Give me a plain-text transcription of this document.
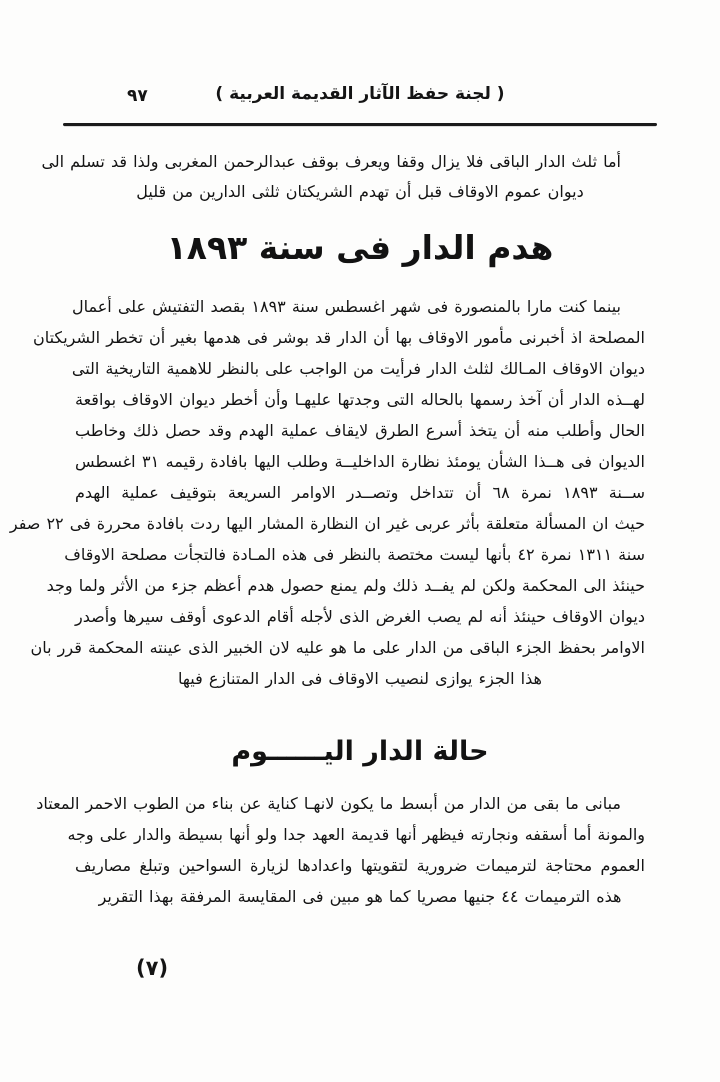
( لجنة حفظ الآثار القديمة العربية )
٩٧
أما ثلث الدار الباقى فلا يزال وقفا ويعرف بوقف عبدالرحمن المغربى ولذا قد تسلم الى
ديوان عموم الاوقاف قبل أن تهدم الشريكتان ثلثى الدارين من قليل
هدم الدار فى سنة ١٨٩٣
بينما كنت مارا بالمنصورة فى شهر اغسطس سنة ١٨٩٣ بقصد التفتيش على أعمال
المصلحة اذ أخبرنى مأمور الاوقاف بها أن الدار قد بوشر فى هدمها بغير أن تخطر الشريكتان
ديوان الاوقاف المـالك لثلث الدار فرأيت من الواجب على بالنظر للاهمية التاريخية التى
لهــذه الدار أن آخذ رسمها بالحاله التى وجدتها عليهـا وأن أخطر ديوان الاوقاف بواقعة
الحال وأطلب منه أن يتخذ أسرع الطرق لايقاف عملية الهدم وقد حصل ذلك وخاطب
الديوان فى هــذا الشأن يومئذ نظارة الداخليــة وطلب اليها بافادة رقيمه ٣١ اغسطس
ســنة ١٨٩٣ نمرة ٦٨ أن تتداخل وتصــدر الاوامر السريعة بتوقيف عملية الهدم
حيث ان المسألة متعلقة بأثر عربى غير ان النظارة المشار اليها ردت بافادة محررة فى ٢٢ صفر
سنة ١٣١١ نمرة ٤٢ بأنها ليست مختصة بالنظر فى هذه المـادة فالتجأت مصلحة الاوقاف
حينئذ الى المحكمة ولكن لم يفــد ذلك ولم يمنع حصول هدم أعظم جزء من الأثر ولما وجد
ديوان الاوقاف حينئذ أنه لم يصب الغرض الذى لأجله أقام الدعوى أوقف سيرها وأصدر
الاوامر بحفظ الجزء الباقى من الدار على ما هو عليه لان الخبير الذى عينته المحكمة قرر بان
هذا الجزء يوازى لنصيب الاوقاف فى الدار المتنازع فيها
حالة الدار اليــــــوم
مبانى ما بقى من الدار من أبسط ما يكون لانهـا كناية عن بناء من الطوب الاحمر المعتاد
والمونة أما أسقفه ونجارته فيظهر أنها قديمة العهد جدا ولو أنها بسيطة والدار على وجه
العموم محتاجة لترميمات ضرورية لتقويتها واعدادها لزيارة السواحين وتبلغ مصاريف
هذه الترميمات ٤٤ جنيها مصريا كما هو مبين فى المقايسة المرفقة بهذا التقرير
(٧)
